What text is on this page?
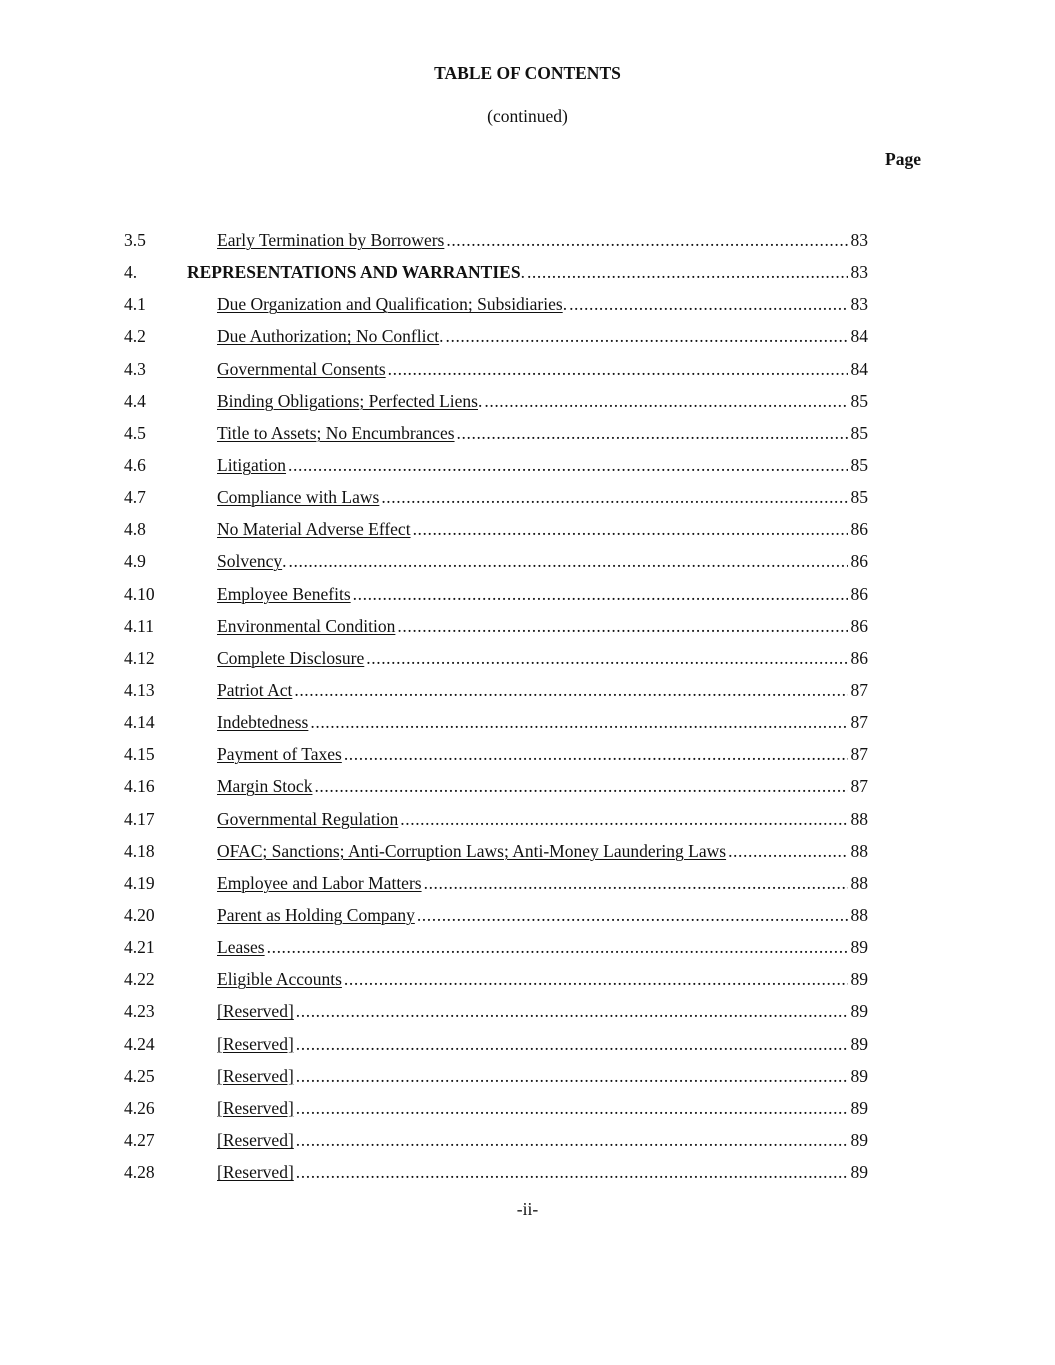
TABLE OF CONTENTS
(continued)
Page
3.5	Early Termination by Borrowers .....	83
4.	REPRESENTATIONS AND WARRANTIES . .....	83
4.1	Due Organization and Qualification; Subsidiaries . .....	83
4.2	Due Authorization; No Conflict . .....	84
4.3	Governmental Consents .....	84
4.4	Binding Obligations; Perfected Liens . .....	85
4.5	Title to Assets; No Encumbrances .....	85
4.6	Litigation .....	85
4.7	Compliance with Laws .....	85
4.8	No Material Adverse Effect .....	86
4.9	Solvency . .....	86
4.10	Employee Benefits .....	86
4.11	Environmental Condition .....	86
4.12	Complete Disclosure .....	86
4.13	Patriot Act .....	87
4.14	Indebtedness .....	87
4.15	Payment of Taxes .....	87
4.16	Margin Stock .....	87
4.17	Governmental Regulation .....	88
4.18	OFAC; Sanctions; Anti-Corruption Laws; Anti-Money Laundering Laws .....	88
4.19	Employee and Labor Matters .....	88
4.20	Parent as Holding Company .....	88
4.21	Leases .....	89
4.22	Eligible Accounts .....	89
4.23	[Reserved] .....	89
4.24	[Reserved] .....	89
4.25	[Reserved] .....	89
4.26	[Reserved] .....	89
4.27	[Reserved] .....	89
4.28	[Reserved] .....	89
-ii-
